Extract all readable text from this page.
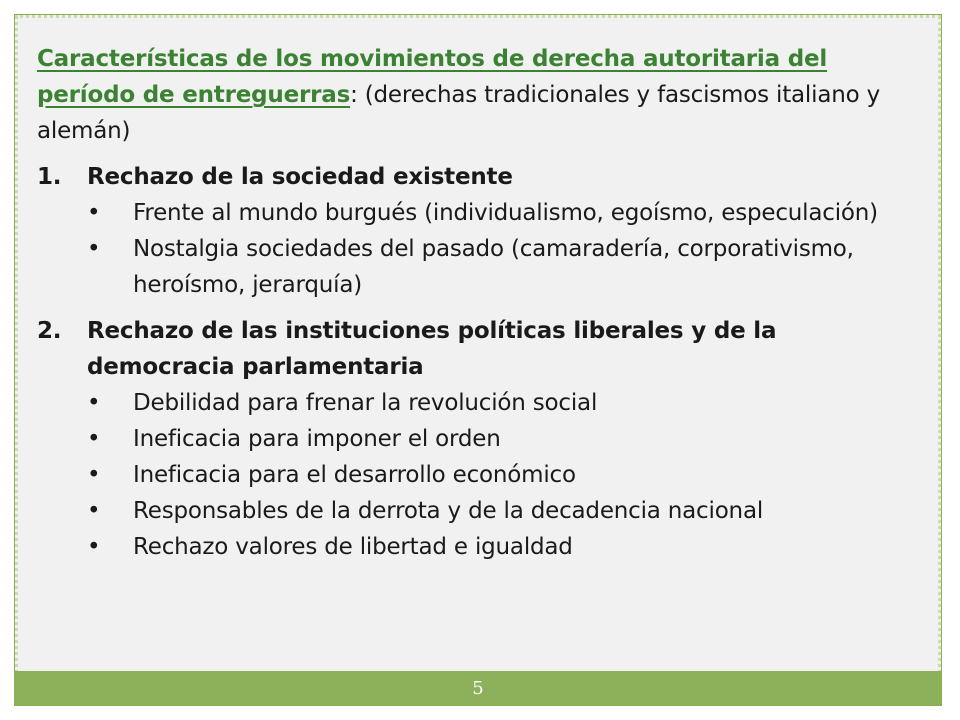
Características de los movimientos de derecha autoritaria del período de entreguerras: (derechas tradicionales y fascismos italiano y alemán)
1. Rechazo de la sociedad existente
• Frente al mundo burgués (individualismo, egoísmo, especulación)
• Nostalgia sociedades del pasado (camaradería, corporativismo, heroísmo, jerarquía)
2. Rechazo de las instituciones políticas liberales y de la democracia parlamentaria
• Debilidad para frenar la revolución social
• Ineficacia para imponer el orden
• Ineficacia para el desarrollo económico
• Responsables de la derrota y de la decadencia nacional
• Rechazo valores de libertad e igualdad
5
